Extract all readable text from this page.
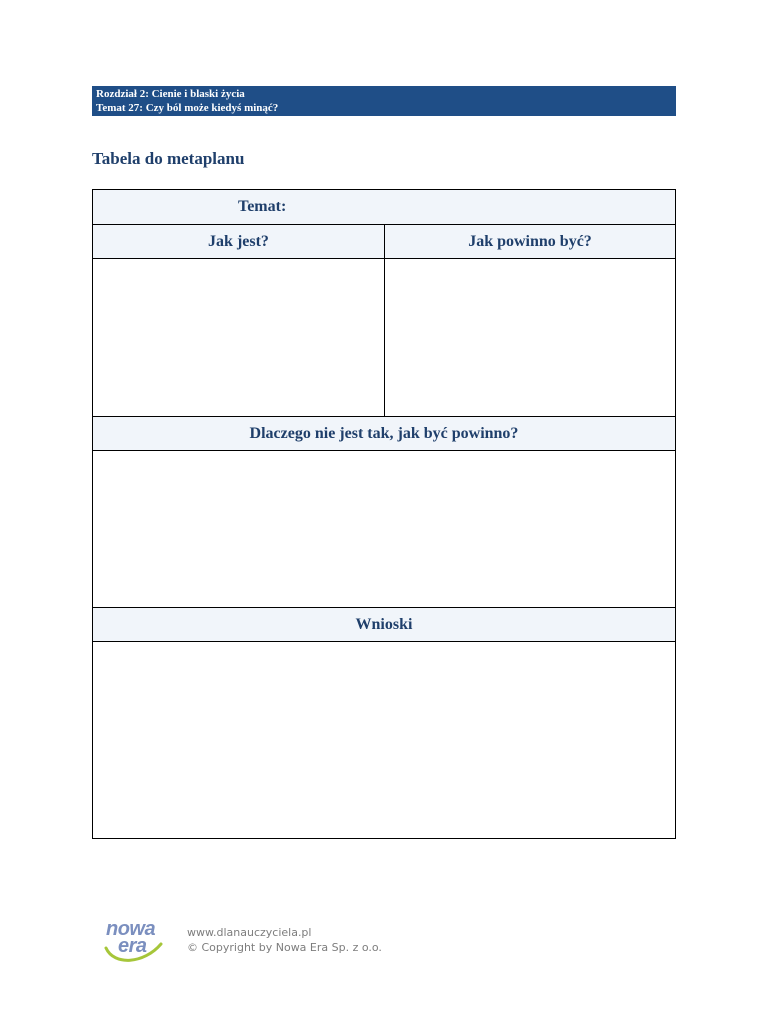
Rozdział 2: Cienie i blaski życia
Temat 27: Czy ból może kiedyś minąć?
Tabela do metaplanu
Temat:
Jak jest?	Jak powinno być?
Dlaczego nie jest tak, jak być powinno?
Wnioski
nowa
era
www.dlanauczyciela.pl
© Copyright by Nowa Era Sp. z o.o.
